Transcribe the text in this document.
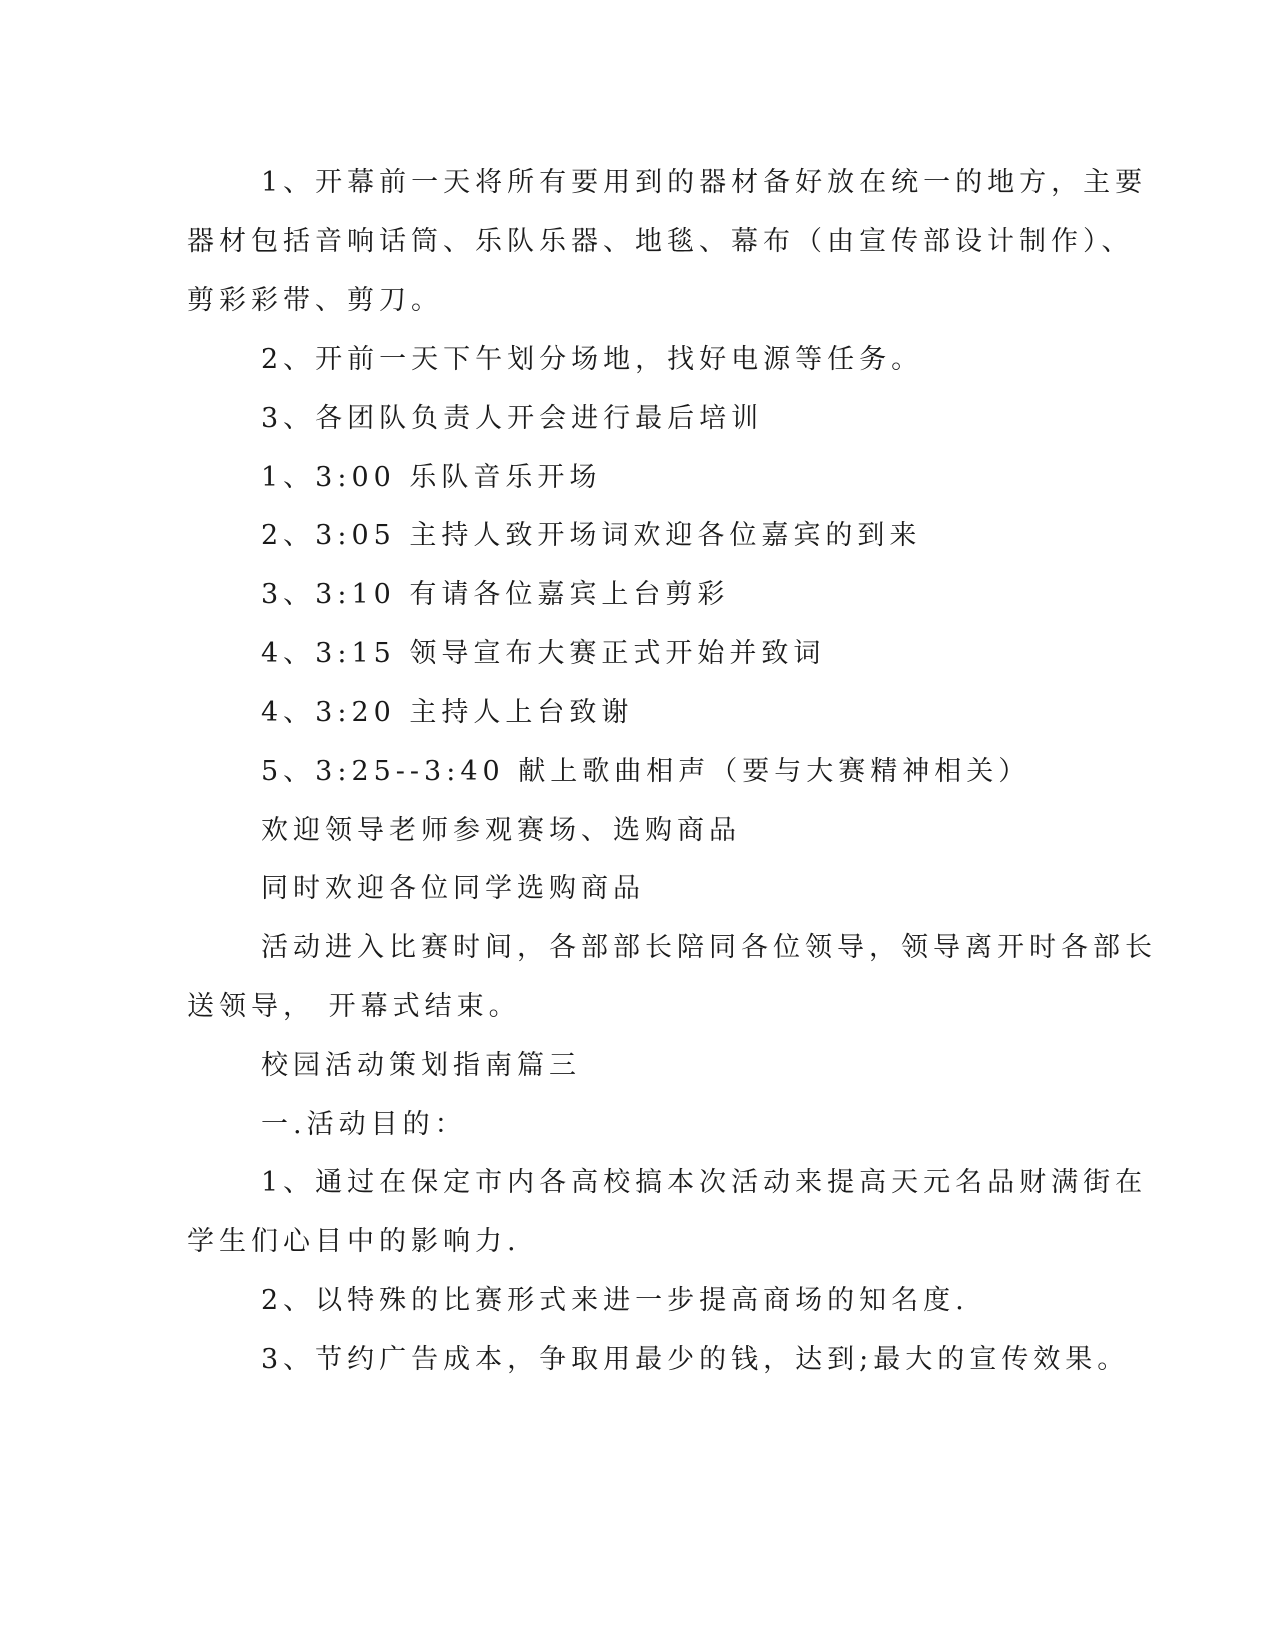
1、开幕前一天将所有要用到的器材备好放在统一的地方，主要

器材包括音响话筒、乐队乐器、地毯、幕布（由宣传部设计制作）、

剪彩彩带、剪刀。

2、开前一天下午划分场地，找好电源等任务。

3、各团队负责人开会进行最后培训

1、3:00 乐队音乐开场

2、3:05 主持人致开场词欢迎各位嘉宾的到来

3、3:10 有请各位嘉宾上台剪彩

4、3:15 领导宣布大赛正式开始并致词

4、3:20 主持人上台致谢

5、3:25--3:40 献上歌曲相声（要与大赛精神相关）

欢迎领导老师参观赛场、选购商品

同时欢迎各位同学选购商品

活动进入比赛时间，各部部长陪同各位领导，领导离开时各部长

送领导， 开幕式结束。

校园活动策划指南篇三

一.活动目的：

1、通过在保定市内各高校搞本次活动来提高天元名品财满街在

学生们心目中的影响力.

2、以特殊的比赛形式来进一步提高商场的知名度.

3、节约广告成本，争取用最少的钱，达到;最大的宣传效果。
